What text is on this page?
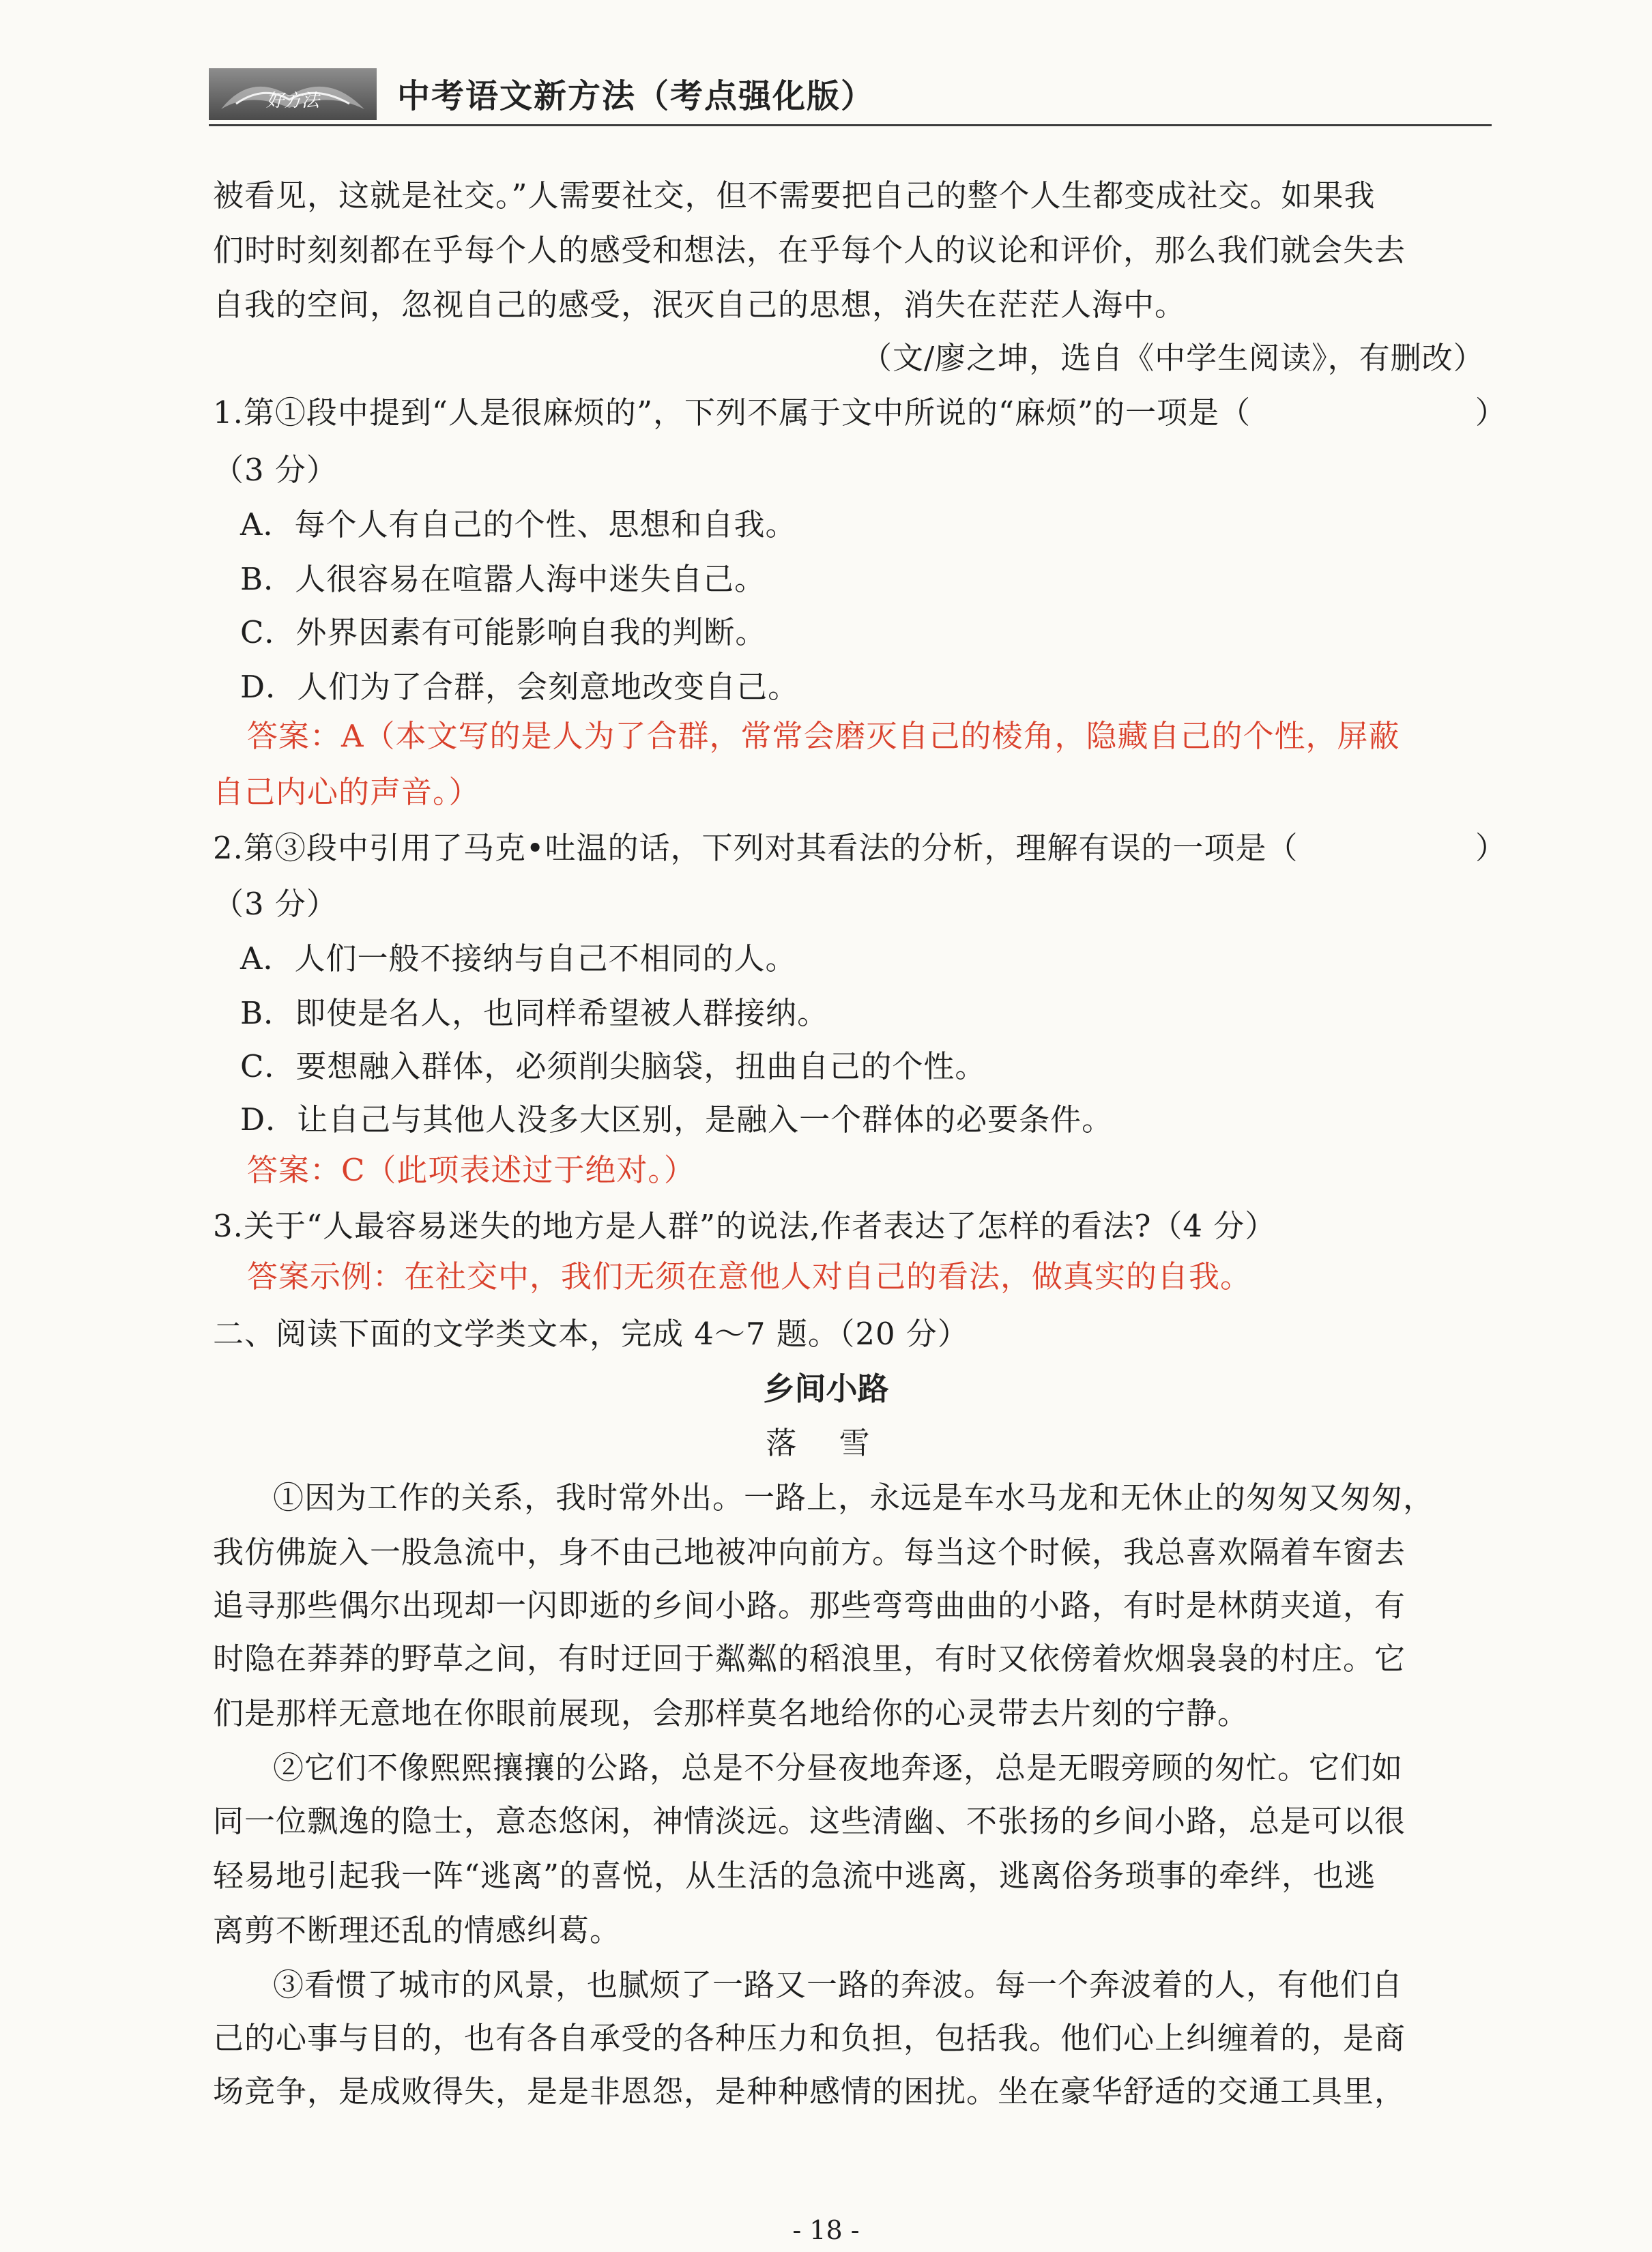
好方法 中考语文新方法（考点强化版）
被看见，这就是社交。”人需要社交，但不需要把自己的整个人生都变成社交。如果我
们时时刻刻都在乎每个人的感受和想法，在乎每个人的议论和评价，那么我们就会失去
自我的空间，忽视自己的感受，泯灭自己的思想，消失在茫茫人海中。
（文/廖之坤，选自《中学生阅读》，有删改）
1.第①段中提到“人是很麻烦的”，下列不属于文中所说的“麻烦”的一项是（	）
（3 分）
A．每个人有自己的个性、思想和自我。
B．人很容易在喧嚣人海中迷失自己。
C．外界因素有可能影响自我的判断。
D．人们为了合群，会刻意地改变自己。
答案：A（本文写的是人为了合群，常常会磨灭自己的棱角，隐藏自己的个性，屏蔽
自己内心的声音。）
2.第③段中引用了马克•吐温的话，下列对其看法的分析，理解有误的一项是（	）
（3 分）
A．人们一般不接纳与自己不相同的人。
B．即使是名人，也同样希望被人群接纳。
C．要想融入群体，必须削尖脑袋，扭曲自己的个性。
D．让自己与其他人没多大区别，是融入一个群体的必要条件。
答案：C（此项表述过于绝对。）
3.关于“人最容易迷失的地方是人群”的说法,作者表达了怎样的看法?（4 分）
答案示例：在社交中，我们无须在意他人对自己的看法，做真实的自我。
二、阅读下面的文学类文本，完成 4～7 题。（20 分）
乡间小路
落 雪
①因为工作的关系，我时常外出。一路上，永远是车水马龙和无休止的匆匆又匆匆，
我仿佛旋入一股急流中，身不由己地被冲向前方。每当这个时候，我总喜欢隔着车窗去
追寻那些偶尔出现却一闪即逝的乡间小路。那些弯弯曲曲的小路，有时是林荫夹道，有
时隐在莽莽的野草之间，有时迂回于粼粼的稻浪里，有时又依傍着炊烟袅袅的村庄。它
们是那样无意地在你眼前展现，会那样莫名地给你的心灵带去片刻的宁静。
②它们不像熙熙攘攘的公路，总是不分昼夜地奔逐，总是无暇旁顾的匆忙。它们如
同一位飘逸的隐士，意态悠闲，神情淡远。这些清幽、不张扬的乡间小路，总是可以很
轻易地引起我一阵“逃离”的喜悦，从生活的急流中逃离，逃离俗务琐事的牵绊，也逃
离剪不断理还乱的情感纠葛。
③看惯了城市的风景，也腻烦了一路又一路的奔波。每一个奔波着的人，有他们自
己的心事与目的，也有各自承受的各种压力和负担，包括我。他们心上纠缠着的，是商
场竞争，是成败得失，是是非恩怨，是种种感情的困扰。坐在豪华舒适的交通工具里，
- 18 -
